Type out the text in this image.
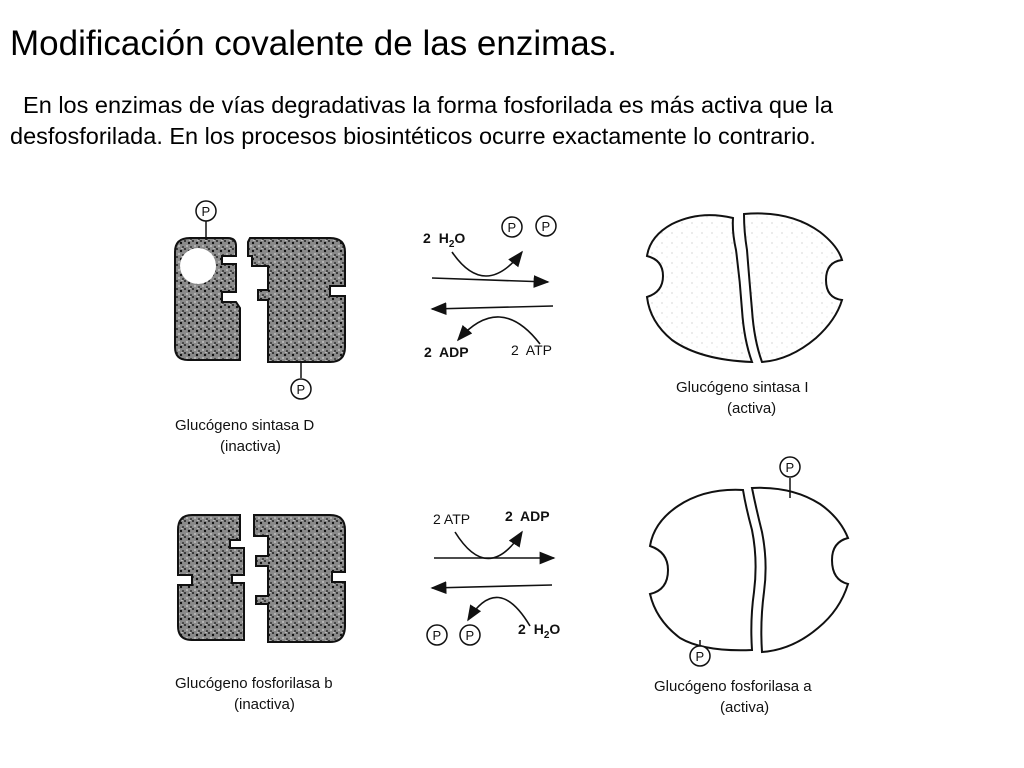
Modificación covalente de las enzimas.

En los enzimas de vías degradativas la forma fosforilada es más activa que la
desfosforilada. En los procesos biosintéticos ocurre exactamente lo contrario.

P
P
Glucógeno sintasa D
(inactiva)
2 $H_2O$
P P
2  ADP	2  ATP
Glucógeno sintasa I
(activa)
Glucógeno fosforilasa b
(inactiva)
2 ATP 2  ADP
P P	2 $H_2O$
P
P
Glucógeno fosforilasa a
(activa)
